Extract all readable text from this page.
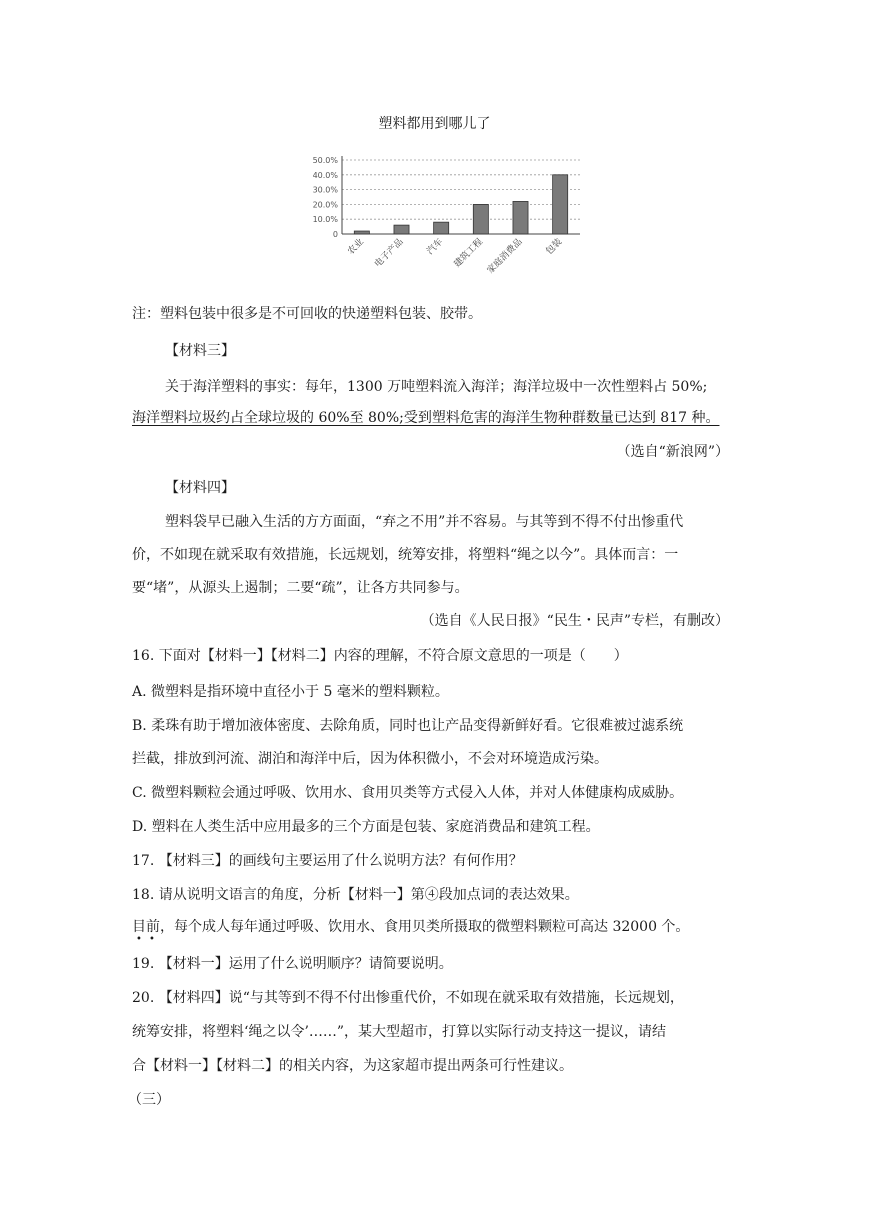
塑料都用到哪儿了
0
10.0%
20.0%
30.0%
40.0%
50.0%
农业 电子产品 汽车 建筑工程 家庭消费品 包装
注：塑料包装中很多是不可回收的快递塑料包装、胶带。
【材料三】
关于海洋塑料的事实：每年，1300 万吨塑料流入海洋；海洋垃圾中一次性塑料占 50%;
海洋塑料垃圾约占全球垃圾的 60%至 80%;受到塑料危害的海洋生物种群数量已达到 817 种。
（选自“新浪网”）
【材料四】
塑料袋早已融入生活的方方面面，“弃之不用”并不容易。与其等到不得不付出惨重代
价，不如现在就采取有效措施，长远规划，统筹安排，将塑料“绳之以今”。具体而言：一
要“堵”，从源头上遏制；二要“疏”，让各方共同参与。
（选自《人民日报》“民生・民声”专栏，有删改）
16. 下面对【材料一】【材料二】内容的理解，不符合原文意思的一项是（　　）
A. 微塑料是指环境中直径小于 5 毫米的塑料颗粒。
B. 柔珠有助于增加液体密度、去除角质，同时也让产品变得新鲜好看。它很难被过滤系统
拦截，排放到河流、湖泊和海洋中后，因为体积微小，不会对环境造成污染。
C. 微塑料颗粒会通过呼吸、饮用水、食用贝类等方式侵入人体，并对人体健康构成威胁。
D. 塑料在人类生活中应用最多的三个方面是包装、家庭消费品和建筑工程。
17. 【材料三】的画线句主要运用了什么说明方法？有何作用？
18. 请从说明文语言的角度，分析【材料一】第④段加点词的表达效果。
目前，每个成人每年通过呼吸、饮用水、食用贝类所摄取的微塑料颗粒可高达 32000 个。
• •
19. 【材料一】运用了什么说明顺序？请简要说明。
20. 【材料四】说“与其等到不得不付出惨重代价，不如现在就采取有效措施，长远规划，
统筹安排，将塑料‘绳之以令’……”，某大型超市，打算以实际行动支持这一提议，请结
合【材料一】【材料二】的相关内容，为这家超市提出两条可行性建议。
（三）
